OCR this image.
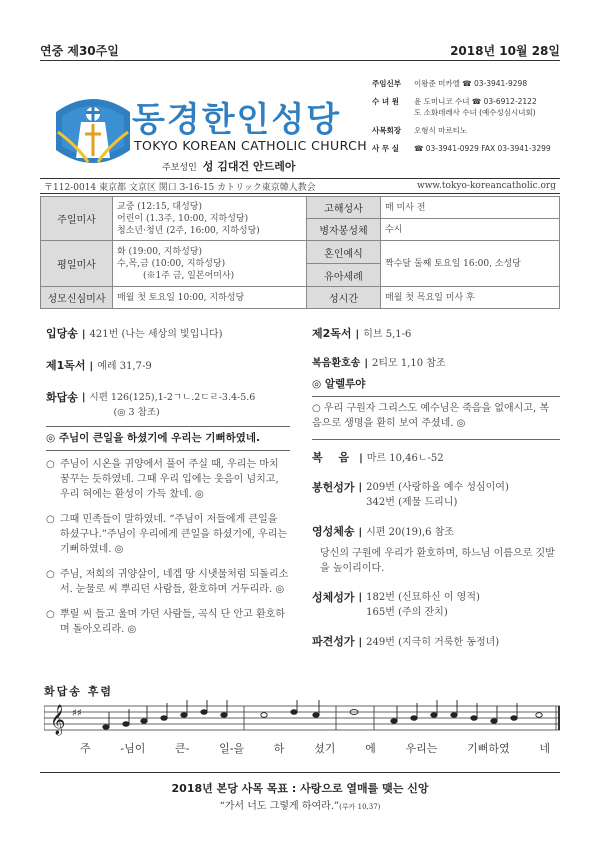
연중 제30주일	2018년 10월 28일
동경한인성당
TOKYO KOREAN CATHOLIC CHURCH
주보성인 성 김대건 안드레아
주임신부	이왕준 미카엘 ☎ 03-3941-9298
수 녀 원	윤 도미니코 수녀 ☎ 03-6912-2122
도 소화데레사 수녀 (예수성심시녀회)
사목회장	오형식 마르티노
사 무 실	☎ 03-3941-0929 FAX 03-3941-3299
〒112-0014 東京都 文京区 関口 3-16-15 カトリック東京韓人教会	www.tokyo-koreancatholic.org
주일미사	교중 (12:15, 대성당)
어린이 (1.3주, 10:00, 지하성당)
청소년·청년 (2주, 16:00, 지하성당)	고해성사	매 미사 전
		병자봉성체	수시
평일미사	화 (19:00, 지하성당)
수,목,금 (10:00, 지하성당)
(※1주 금, 일본어미사)	혼인예식	짝수달 둘째 토요일 16:00, 소성당
		유아세례	
성모신심미사	매월 첫 토요일 10:00, 지하성당	성시간	매월 첫 목요일 미사 후
입당송 | 421번 (나는 세상의 빛입니다)
제1독서 | 예레 31,7-9
화답송 | 시편 126(125),1-2ㄱㄴ.2ㄷㄹ-3.4-5.6
(◎ 3 참조)
◎ 주님이 큰일을 하셨기에 우리는 기뻐하였네.
○ 주님이 시온을 귀양에서 풀어 주실 때, 우리는 마치 꿈꾸는 듯하였네. 그때 우리 입에는 웃음이 넘치고, 우리 혀에는 환성이 가득 찼네. ◎
○ 그때 민족들이 말하였네. “주님이 저들에게 큰일을 하셨구나.”주님이 우리에게 큰일을 하셨기에, 우리는 기뻐하였네. ◎
○ 주님, 저희의 귀양살이, 네겝 땅 시냇물처럼 되돌리소서. 눈물로 씨 뿌리던 사람들, 환호하며 거두리라. ◎
○ 뿌릴 씨 들고 울며 가던 사람들, 곡식 단 안고 환호하며 돌아오리라. ◎
제2독서 | 히브 5,1-6
복음환호송 | 2티모 1,10 참조
◎ 알렐루야
○ 우리 구원자 그리스도 예수님은 죽음을 없애시고, 복음으로 생명을 환히 보여 주셨네. ◎
복 음 | 마르 10,46ㄴ-52
봉헌성가 | 209번 (사랑하올 예수 성심이여)
342번 (제물 드리니)
영성체송 | 시편 20(19),6 참조
당신의 구원에 우리가 환호하며, 하느님 이름으로 깃발을 높이리이다.
성체성가 | 182번 (신묘하신 이 영적)
165번 (주의 잔치)
파견성가 | 249번 (지극히 거룩한 동정녀)
화답송 후렴
𝄞 ♯♯
주	-님이	큰-	일-을	하	셨기	에	우리는	기뻐하였	네
2018년 본당 사목 목표 : 사랑으로 열매를 맺는 신앙
“가서 너도 그렇게 하여라.”(루카 10,37)
